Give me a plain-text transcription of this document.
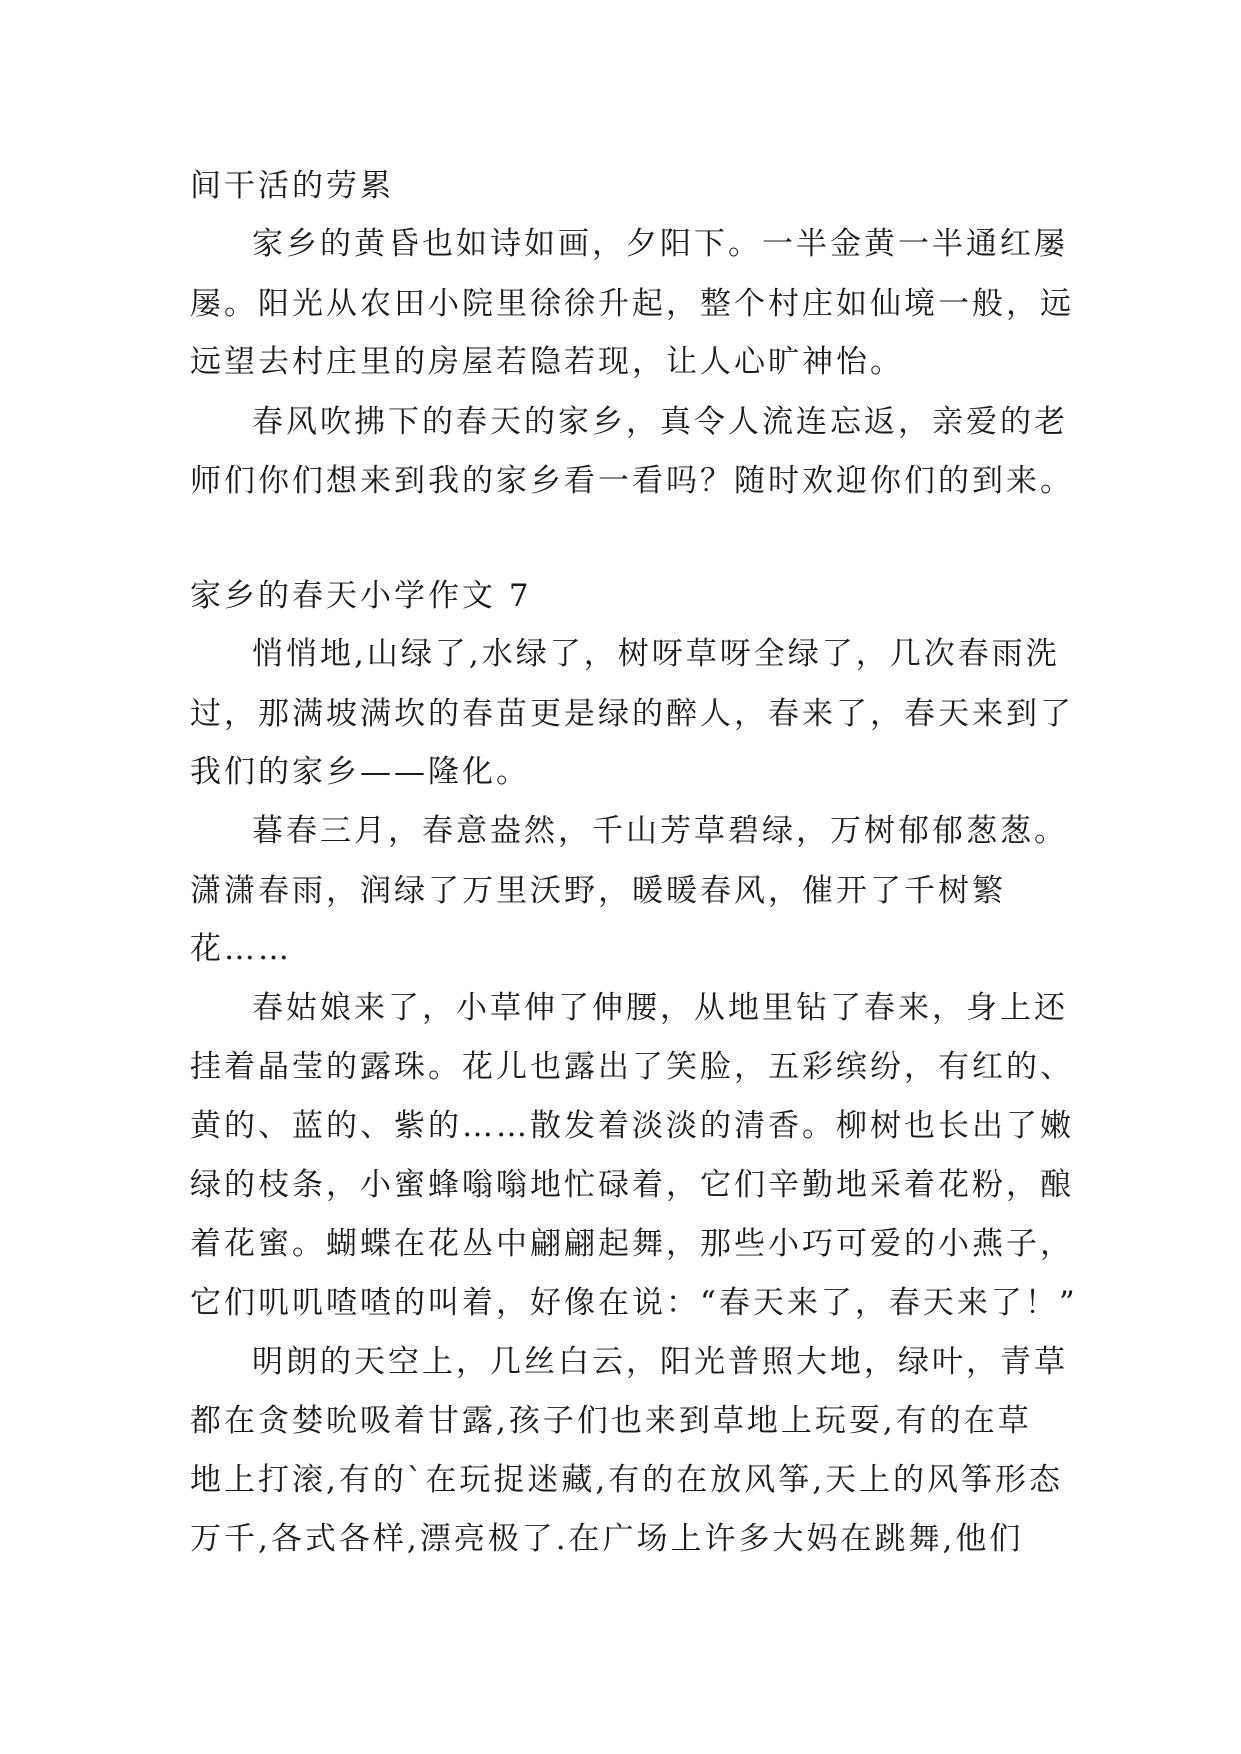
间干活的劳累
家乡的黄昏也如诗如画，夕阳下。一半金黄一半通红屡
屡。阳光从农田小院里徐徐升起，整个村庄如仙境一般，远
远望去村庄里的房屋若隐若现，让人心旷神怡。
春风吹拂下的春天的家乡，真令人流连忘返，亲爱的老
师们你们想来到我的家乡看一看吗？随时欢迎你们的到来。
家乡的春天小学作文 7
悄悄地,山绿了,水绿了，树呀草呀全绿了，几次春雨洗
过，那满坡满坎的春苗更是绿的醉人，春来了，春天来到了
我们的家乡——隆化。
暮春三月，春意盎然，千山芳草碧绿，万树郁郁葱葱。
潇潇春雨，润绿了万里沃野，暖暖春风，催开了千树繁
花……
春姑娘来了，小草伸了伸腰，从地里钻了春来，身上还
挂着晶莹的露珠。花儿也露出了笑脸，五彩缤纷，有红的、
黄的、蓝的、紫的……散发着淡淡的清香。柳树也长出了嫩
绿的枝条，小蜜蜂嗡嗡地忙碌着，它们辛勤地采着花粉，酿
着花蜜。蝴蝶在花丛中翩翩起舞，那些小巧可爱的小燕子，
它们叽叽喳喳的叫着，好像在说：“春天来了，春天来了！”
明朗的天空上，几丝白云，阳光普照大地，绿叶，青草
都在贪婪吮吸着甘露,孩子们也来到草地上玩耍,有的在草
地上打滚,有的`在玩捉迷藏,有的在放风筝,天上的风筝形态
万千,各式各样,漂亮极了.在广场上许多大妈在跳舞,他们
